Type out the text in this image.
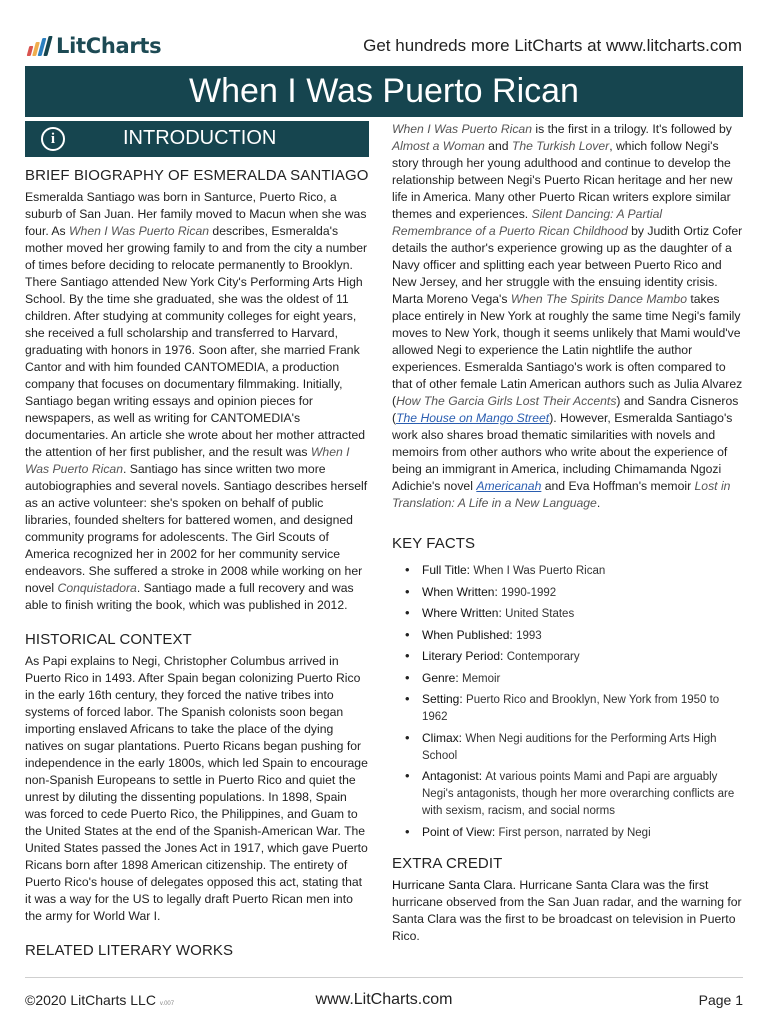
LitCharts	Get hundreds more LitCharts at www.litcharts.com
When I Was Puerto Rican
i	INTRODUCTION
BRIEF BIOGRAPHY OF ESMERALDA SANTIAGO

Esmeralda Santiago was born in Santurce, Puerto Rico, a suburb of San Juan. Her family moved to Macun when she was four. As When I Was Puerto Rican describes, Esmeralda's mother moved her growing family to and from the city a number of times before deciding to relocate permanently to Brooklyn. There Santiago attended New York City's Performing Arts High School. By the time she graduated, she was the oldest of 11 children. After studying at community colleges for eight years, she received a full scholarship and transferred to Harvard, graduating with honors in 1976. Soon after, she married Frank Cantor and with him founded CANTOMEDIA, a production company that focuses on documentary filmmaking. Initially, Santiago began writing essays and opinion pieces for newspapers, as well as writing for CANTOMEDIA's documentaries. An article she wrote about her mother attracted the attention of her first publisher, and the result was When I Was Puerto Rican. Santiago has since written two more autobiographies and several novels. Santiago describes herself as an active volunteer: she's spoken on behalf of public libraries, founded shelters for battered women, and designed community programs for adolescents. The Girl Scouts of America recognized her in 2002 for her community service endeavors. She suffered a stroke in 2008 while working on her novel Conquistadora. Santiago made a full recovery and was able to finish writing the book, which was published in 2012.

HISTORICAL CONTEXT

As Papi explains to Negi, Christopher Columbus arrived in Puerto Rico in 1493. After Spain began colonizing Puerto Rico in the early 16th century, they forced the native tribes into systems of forced labor. The Spanish colonists soon began importing enslaved Africans to take the place of the dying natives on sugar plantations. Puerto Ricans began pushing for independence in the early 1800s, which led Spain to encourage non-Spanish Europeans to settle in Puerto Rico and quiet the unrest by diluting the dissenting populations. In 1898, Spain was forced to cede Puerto Rico, the Philippines, and Guam to the United States at the end of the Spanish-American War. The United States passed the Jones Act in 1917, which gave Puerto Ricans born after 1898 American citizenship. The entirety of Puerto Rico's house of delegates opposed this act, stating that it was a way for the US to legally draft Puerto Rican men into the army for World War I.

RELATED LITERARY WORKS

When I Was Puerto Rican is the first in a trilogy. It's followed by Almost a Woman and The Turkish Lover, which follow Negi's story through her young adulthood and continue to develop the relationship between Negi's Puerto Rican heritage and her new life in America. Many other Puerto Rican writers explore similar themes and experiences. Silent Dancing: A Partial Remembrance of a Puerto Rican Childhood by Judith Ortiz Cofer details the author's experience growing up as the daughter of a Navy officer and splitting each year between Puerto Rico and New Jersey, and her struggle with the ensuing identity crisis. Marta Moreno Vega's When The Spirits Dance Mambo takes place entirely in New York at roughly the same time Negi's family moves to New York, though it seems unlikely that Mami would've allowed Negi to experience the Latin nightlife the author experiences. Esmeralda Santiago's work is often compared to that of other female Latin American authors such as Julia Alvarez (How The Garcia Girls Lost Their Accents) and Sandra Cisneros (The House on Mango Street). However, Esmeralda Santiago's work also shares broad thematic similarities with novels and memoirs from other authors who write about the experience of being an immigrant in America, including Chimamanda Ngozi Adichie's novel Americanah and Eva Hoffman's memoir Lost in Translation: A Life in a New Language.

KEY FACTS
• Full Title: When I Was Puerto Rican
• When Written: 1990-1992
• Where Written: United States
• When Published: 1993
• Literary Period: Contemporary
• Genre: Memoir
• Setting: Puerto Rico and Brooklyn, New York from 1950 to 1962
• Climax: When Negi auditions for the Performing Arts High School
• Antagonist: At various points Mami and Papi are arguably Negi's antagonists, though her more overarching conflicts are with sexism, racism, and social norms
• Point of View: First person, narrated by Negi
EXTRA CREDIT

Hurricane Santa Clara. Hurricane Santa Clara was the first hurricane observed from the San Juan radar, and the warning for Santa Clara was the first to be broadcast on television in Puerto Rico.

©2020 LitCharts LLC v.007	www.LitCharts.com	Page 1
